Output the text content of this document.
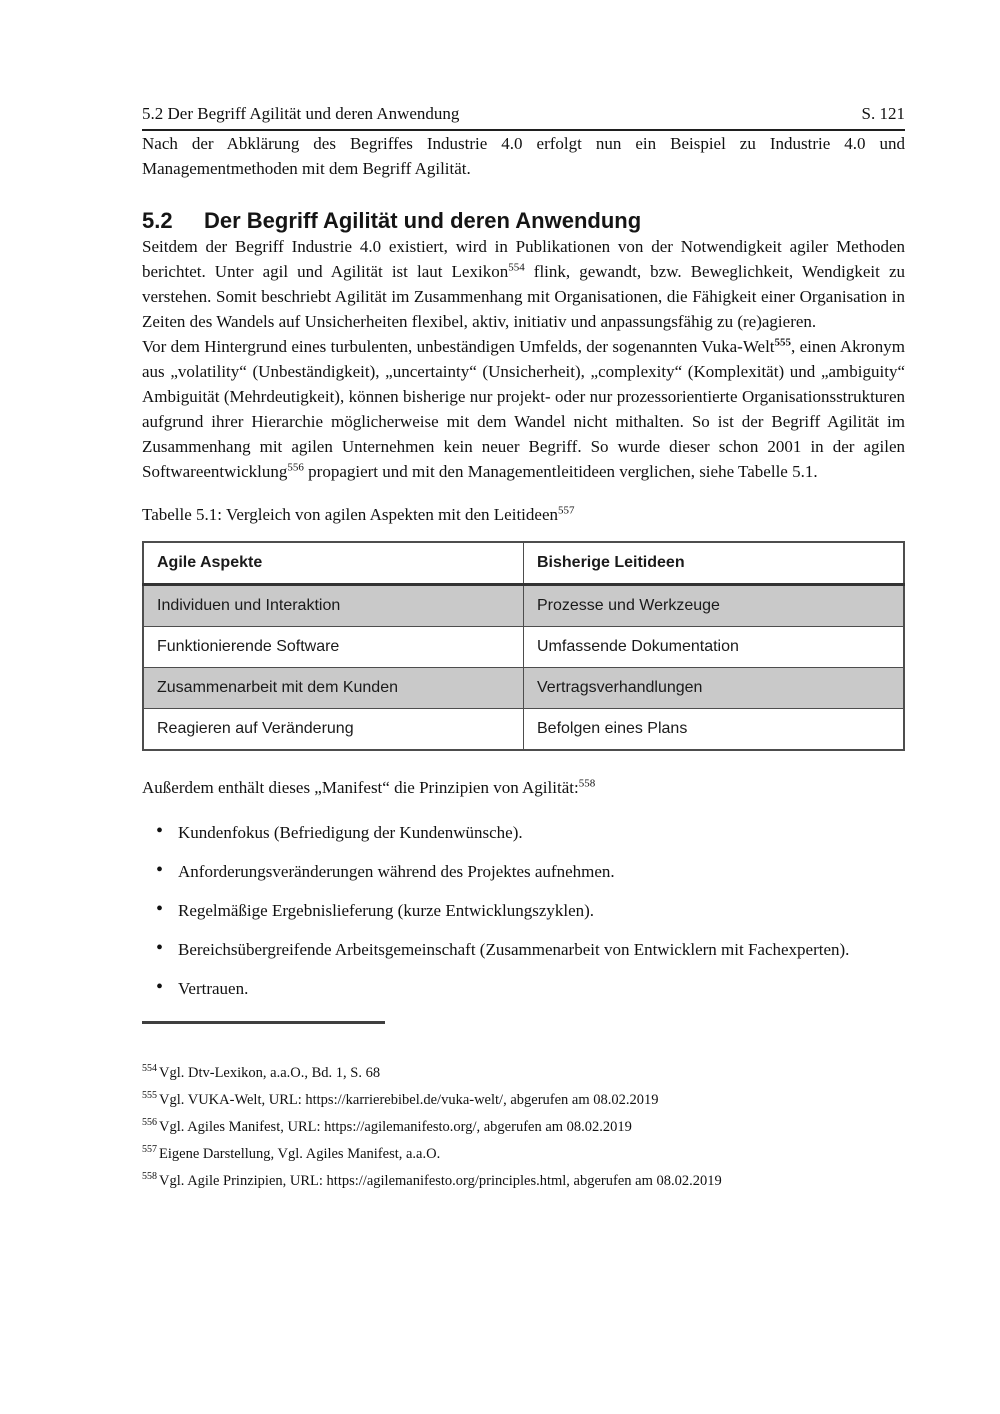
5.2 Der Begriff Agilität und deren Anwendung	S. 121

Nach der Abklärung des Begriffes Industrie 4.0 erfolgt nun ein Beispiel zu Industrie 4.0 und Managementmethoden mit dem Begriff Agilität.

5.2	Der Begriff Agilität und deren Anwendung

Seitdem der Begriff Industrie 4.0 existiert, wird in Publikationen von der Notwendigkeit agiler Methoden berichtet. Unter agil und Agilität ist laut Lexikon$^{554}$ flink, gewandt, bzw. Beweglichkeit, Wendigkeit zu verstehen. Somit beschriebt Agilität im Zusammenhang mit Organisationen, die Fähigkeit einer Organisation in Zeiten des Wandels auf Unsicherheiten flexibel, aktiv, initiativ und anpassungsfähig zu (re)agieren.

Vor dem Hintergrund eines turbulenten, unbeständigen Umfelds, der sogenannten Vuka-Welt$^{555}$, einen Akronym aus „volatility“ (Unbeständigkeit), „uncertainty“ (Unsicherheit), „complexity“ (Komplexität) und „ambiguity“ Ambiguität (Mehrdeutigkeit), können bisherige nur projekt- oder nur prozessorientierte Organisationsstrukturen aufgrund ihrer Hierarchie möglicherweise mit dem Wandel nicht mithalten. So ist der Begriff Agilität im Zusammenhang mit agilen Unternehmen kein neuer Begriff. So wurde dieser schon 2001 in der agilen Softwareentwicklung$^{556}$ propagiert und mit den Managementleitideen verglichen, siehe Tabelle 5.1.

Tabelle 5.1: Vergleich von agilen Aspekten mit den Leitideen$^{557}$

Agile Aspekte	Bisherige Leitideen
Individuen und Interaktion	Prozesse und Werkzeuge
Funktionierende Software	Umfassende Dokumentation
Zusammenarbeit mit dem Kunden	Vertragsverhandlungen
Reagieren auf Veränderung	Befolgen eines Plans

Außerdem enthält dieses „Manifest“ die Prinzipien von Agilität:$^{558}$

• Kundenfokus (Befriedigung der Kundenwünsche).
• Anforderungsveränderungen während des Projektes aufnehmen.
• Regelmäßige Ergebnislieferung (kurze Entwicklungszyklen).
• Bereichsübergreifende Arbeitsgemeinschaft (Zusammenarbeit von Entwicklern mit Fachexperten).
• Vertrauen.

$^{554}$ Vgl. Dtv-Lexikon, a.a.O., Bd. 1, S. 68

$^{555}$ Vgl. VUKA-Welt, URL: https://karrierebibel.de/vuka-welt/, abgerufen am 08.02.2019

$^{556}$ Vgl. Agiles Manifest, URL: https://agilemanifesto.org/, abgerufen am 08.02.2019

$^{557}$ Eigene Darstellung, Vgl. Agiles Manifest, a.a.O.

$^{558}$ Vgl. Agile Prinzipien, URL: https://agilemanifesto.org/principles.html, abgerufen am 08.02.2019
